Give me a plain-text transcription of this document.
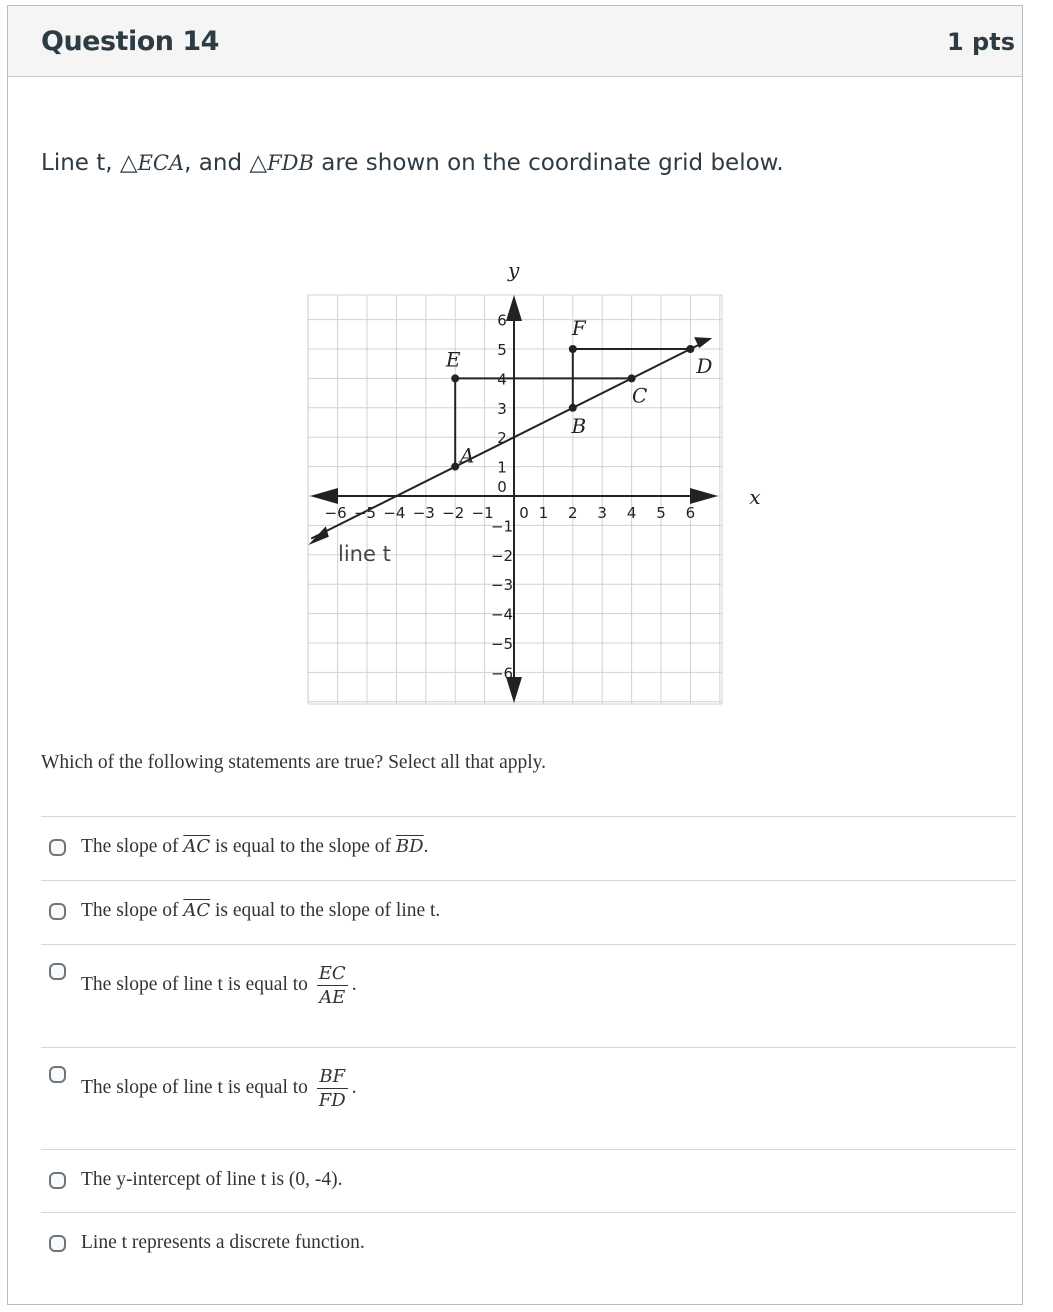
Question 14	1 pts
Line t, △ECA, and △FDB are shown on the coordinate grid below.
x
y
−6 −5 −4 −3 −2 −1 0 1 2 3 4 5 6
6
5
4
3
2
1
0
−1
−2
−3
−4
−5
−6
line t
A
B
C
D
E
F
Which of the following statements are true? Select all that apply.
The slope of $\overline{AC}$ is equal to the slope of $\overline{BD}$.
The slope of $\overline{AC}$ is equal to the slope of line t.
The slope of line t is equal to $\frac{EC}{AE}$ .
The slope of line t is equal to $\frac{BF}{FD}$ .
The y-intercept of line t is (0, -4).
Line t represents a discrete function.
